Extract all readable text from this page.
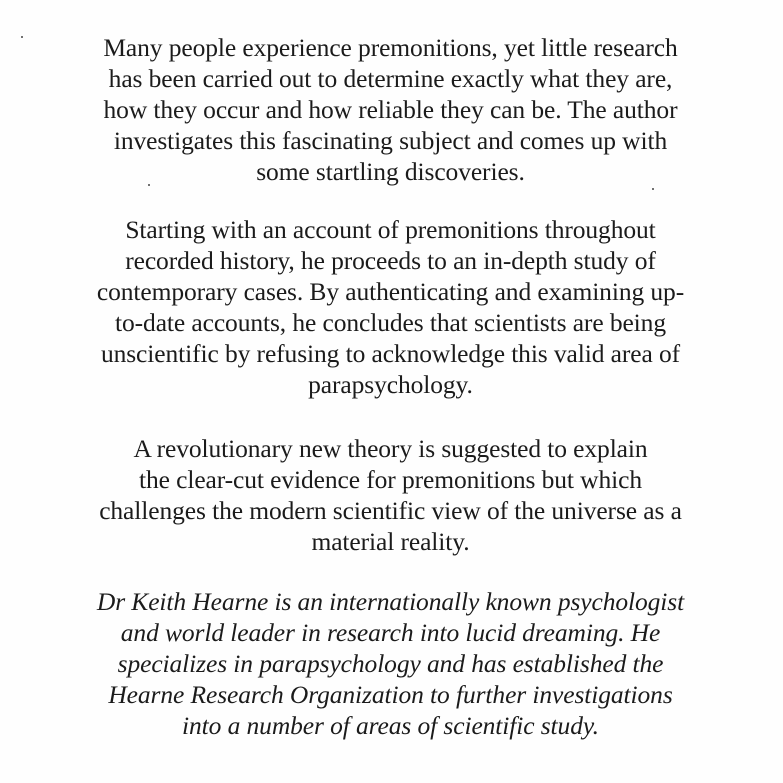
Many people experience premonitions, yet little research
has been carried out to determine exactly what they are,
how they occur and how reliable they can be. The author
investigates this fascinating subject and comes up with
some startling discoveries.
Starting with an account of premonitions throughout
recorded history, he proceeds to an in-depth study of
contemporary cases. By authenticating and examining up-
to-date accounts, he concludes that scientists are being
unscientific by refusing to acknowledge this valid area of
parapsychology.
A revolutionary new theory is suggested to explain
the clear-cut evidence for premonitions but which
challenges the modern scientific view of the universe as a
material reality.
Dr Keith Hearne is an internationally known psychologist
and world leader in research into lucid dreaming. He
specializes in parapsychology and has established the
Hearne Research Organization to further investigations
into a number of areas of scientific study.
